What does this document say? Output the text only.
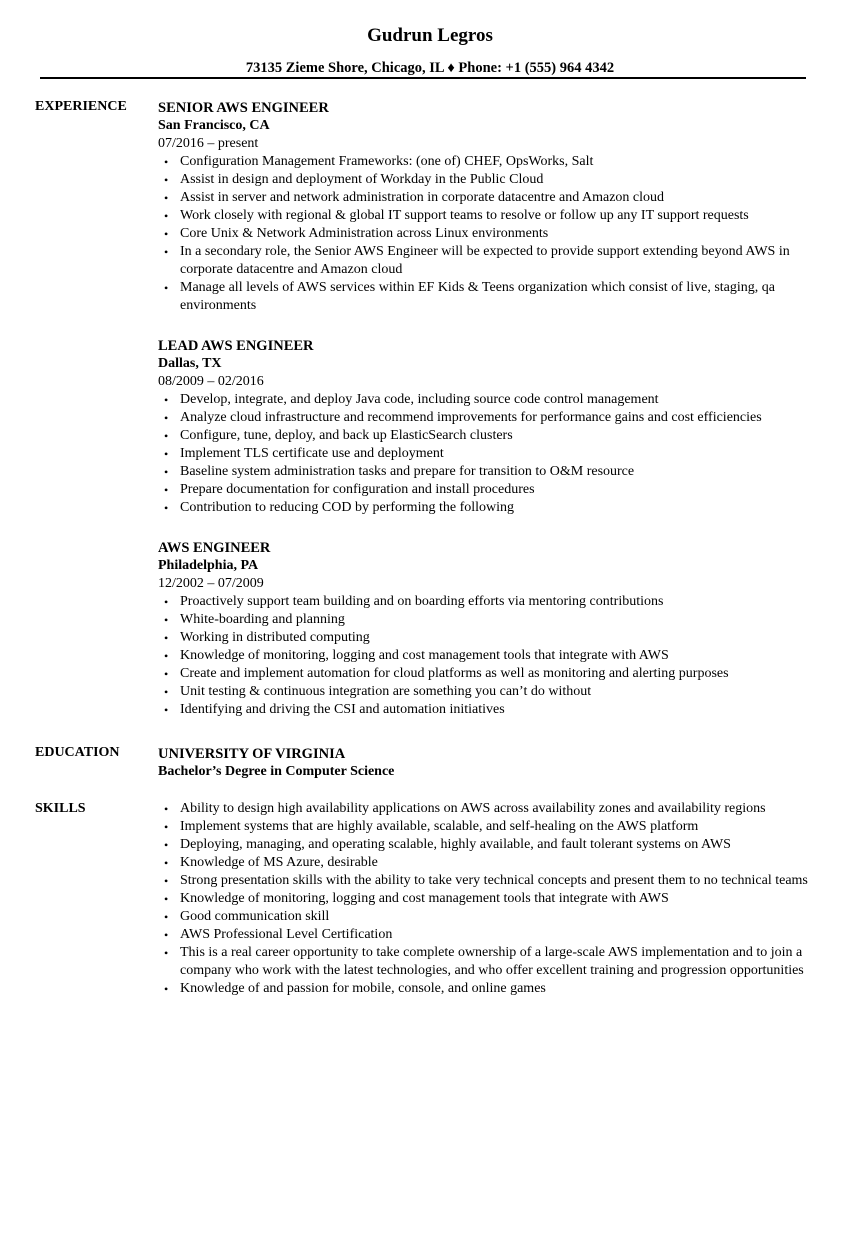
Gudrun Legros
73135 Zieme Shore, Chicago, IL ♦ Phone: +1 (555) 964 4342
EXPERIENCE SENIOR AWS ENGINEER
San Francisco, CA
07/2016 – present
• Configuration Management Frameworks: (one of) CHEF, OpsWorks, Salt
• Assist in design and deployment of Workday in the Public Cloud
• Assist in server and network administration in corporate datacentre and Amazon cloud
• Work closely with regional & global IT support teams to resolve or follow up any IT support requests
• Core Unix & Network Administration across Linux environments
• In a secondary role, the Senior AWS Engineer will be expected to provide support extending beyond AWS in corporate datacentre and Amazon cloud
• Manage all levels of AWS services within EF Kids & Teens organization which consist of live, staging, qa environments
LEAD AWS ENGINEER
Dallas, TX
08/2009 – 02/2016
• Develop, integrate, and deploy Java code, including source code control management
• Analyze cloud infrastructure and recommend improvements for performance gains and cost efficiencies
• Configure, tune, deploy, and back up ElasticSearch clusters
• Implement TLS certificate use and deployment
• Baseline system administration tasks and prepare for transition to O&M resource
• Prepare documentation for configuration and install procedures
• Contribution to reducing COD by performing the following
AWS ENGINEER
Philadelphia, PA
12/2002 – 07/2009
• Proactively support team building and on boarding efforts via mentoring contributions
• White-boarding and planning
• Working in distributed computing
• Knowledge of monitoring, logging and cost management tools that integrate with AWS
• Create and implement automation for cloud platforms as well as monitoring and alerting purposes
• Unit testing & continuous integration are something you can’t do without
• Identifying and driving the CSI and automation initiatives
EDUCATION	UNIVERSITY OF VIRGINIA
Bachelor’s Degree in Computer Science
SKILLS
•	Ability to design high availability applications on AWS across availability zones and availability regions
• Implement systems that are highly available, scalable, and self-healing on the AWS platform
• Deploying, managing, and operating scalable, highly available, and fault tolerant systems on AWS
• Knowledge of MS Azure, desirable
• Strong presentation skills with the ability to take very technical concepts and present them to no technical teams
• Knowledge of monitoring, logging and cost management tools that integrate with AWS
• Good communication skill
• AWS Professional Level Certification
• This is a real career opportunity to take complete ownership of a large-scale AWS implementation and to join a company who work with the latest technologies, and who offer excellent training and progression opportunities
• Knowledge of and passion for mobile, console, and online games
